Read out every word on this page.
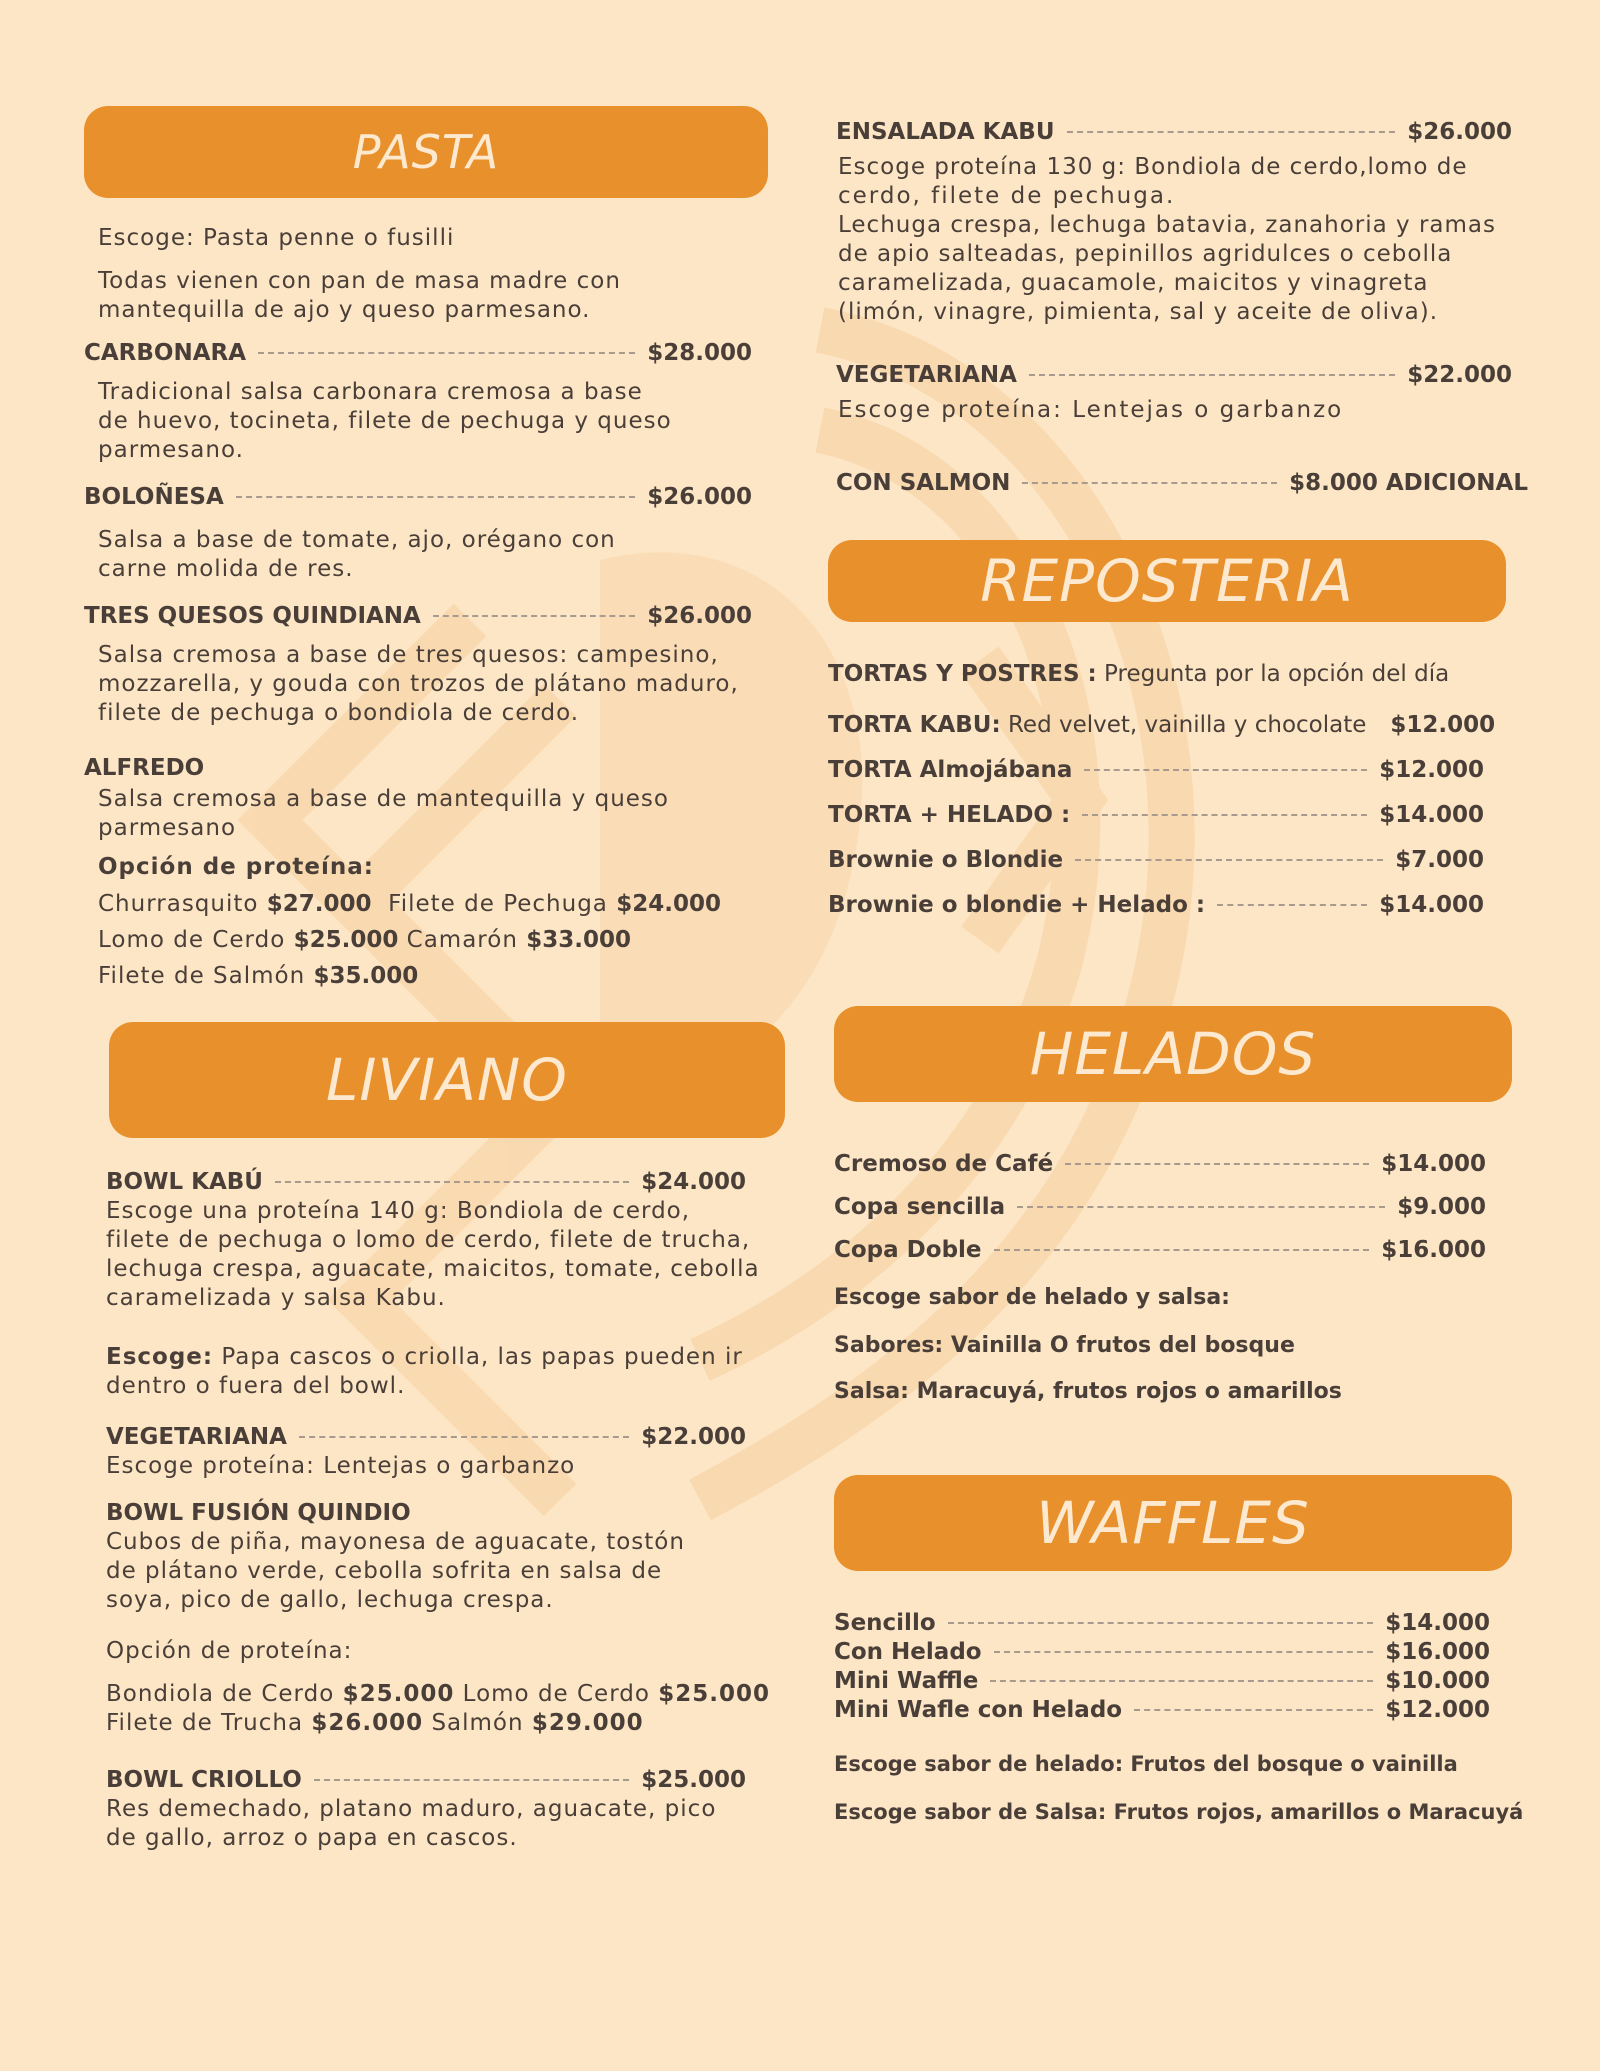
PASTA

Escoge: Pasta penne o fusilli

Todas vienen con pan de masa madre con

mantequilla de ajo y queso parmesano.

CARBONARA	$28.000

Tradicional salsa carbonara cremosa a base

de huevo, tocineta, filete de pechuga y queso

parmesano.

BOLOÑESA	$26.000

Salsa a base de tomate, ajo, orégano con

carne molida de res.

TRES QUESOS QUINDIANA	$26.000

Salsa cremosa a base de tres quesos: campesino,

mozzarella, y gouda con trozos de plátano maduro,

filete de pechuga o bondiola de cerdo.

ALFREDO

Salsa cremosa a base de mantequilla y queso

parmesano

Opción de proteína:

Churrasquito $27.000 Filete de Pechuga $24.000
Lomo de Cerdo $25.000 Camarón $33.000
Filete de Salmón $35.000
LIVIANO
BOWL KABÚ	$24.000

Escoge una proteína 140 g: Bondiola de cerdo,

filete de pechuga o lomo de cerdo, filete de trucha,

lechuga crespa, aguacate, maicitos, tomate, cebolla

caramelizada y salsa Kabu.

Escoge: Papa cascos o criolla, las papas pueden ir

dentro o fuera del bowl.

VEGETARIANA	$22.000

Escoge proteína: Lentejas o garbanzo

BOWL FUSIÓN QUINDIO

Cubos de piña, mayonesa de aguacate, tostón

de plátano verde, cebolla sofrita en salsa de

soya, pico de gallo, lechuga crespa.

Opción de proteína:

Bondiola de Cerdo $25.000 Lomo de Cerdo $25.000
Filete de Trucha $26.000 Salmón $29.000
BOWL CRIOLLO	$25.000

Res demechado, platano maduro, aguacate, pico

de gallo, arroz o papa en cascos.

ENSALADA KABU	$26.000

Escoge proteína 130 g: Bondiola de cerdo,lomo de

cerdo, filete de pechuga.

Lechuga crespa, lechuga batavia, zanahoria y ramas

de apio salteadas, pepinillos agridulces o cebolla

caramelizada, guacamole, maicitos y vinagreta

(limón, vinagre, pimienta, sal y aceite de oliva).

VEGETARIANA	$22.000

Escoge proteína: Lentejas o garbanzo

CON SALMON	$8.000 ADICIONAL
REPOSTERIA

TORTAS Y POSTRES : Pregunta por la opción del día

TORTA KABU: Red velvet, vainilla y chocolate $12.000
TORTA Almojábana	$12.000
TORTA + HELADO :	$14.000
Brownie o Blondie	$7.000
Brownie o blondie + Helado :	$14.000
HELADOS
Cremoso de Café	$14.000
Copa sencilla	$9.000
Copa Doble	$16.000

Escoge sabor de helado y salsa:

Sabores: Vainilla O frutos del bosque

Salsa: Maracuyá, frutos rojos o amarillos

WAFFLES
Sencillo	$14.000
Con Helado	$16.000
Mini Waffle	$10.000
Mini Wafle con Helado	$12.000

Escoge sabor de helado: Frutos del bosque o vainilla

Escoge sabor de Salsa: Frutos rojos, amarillos o Maracuyá
